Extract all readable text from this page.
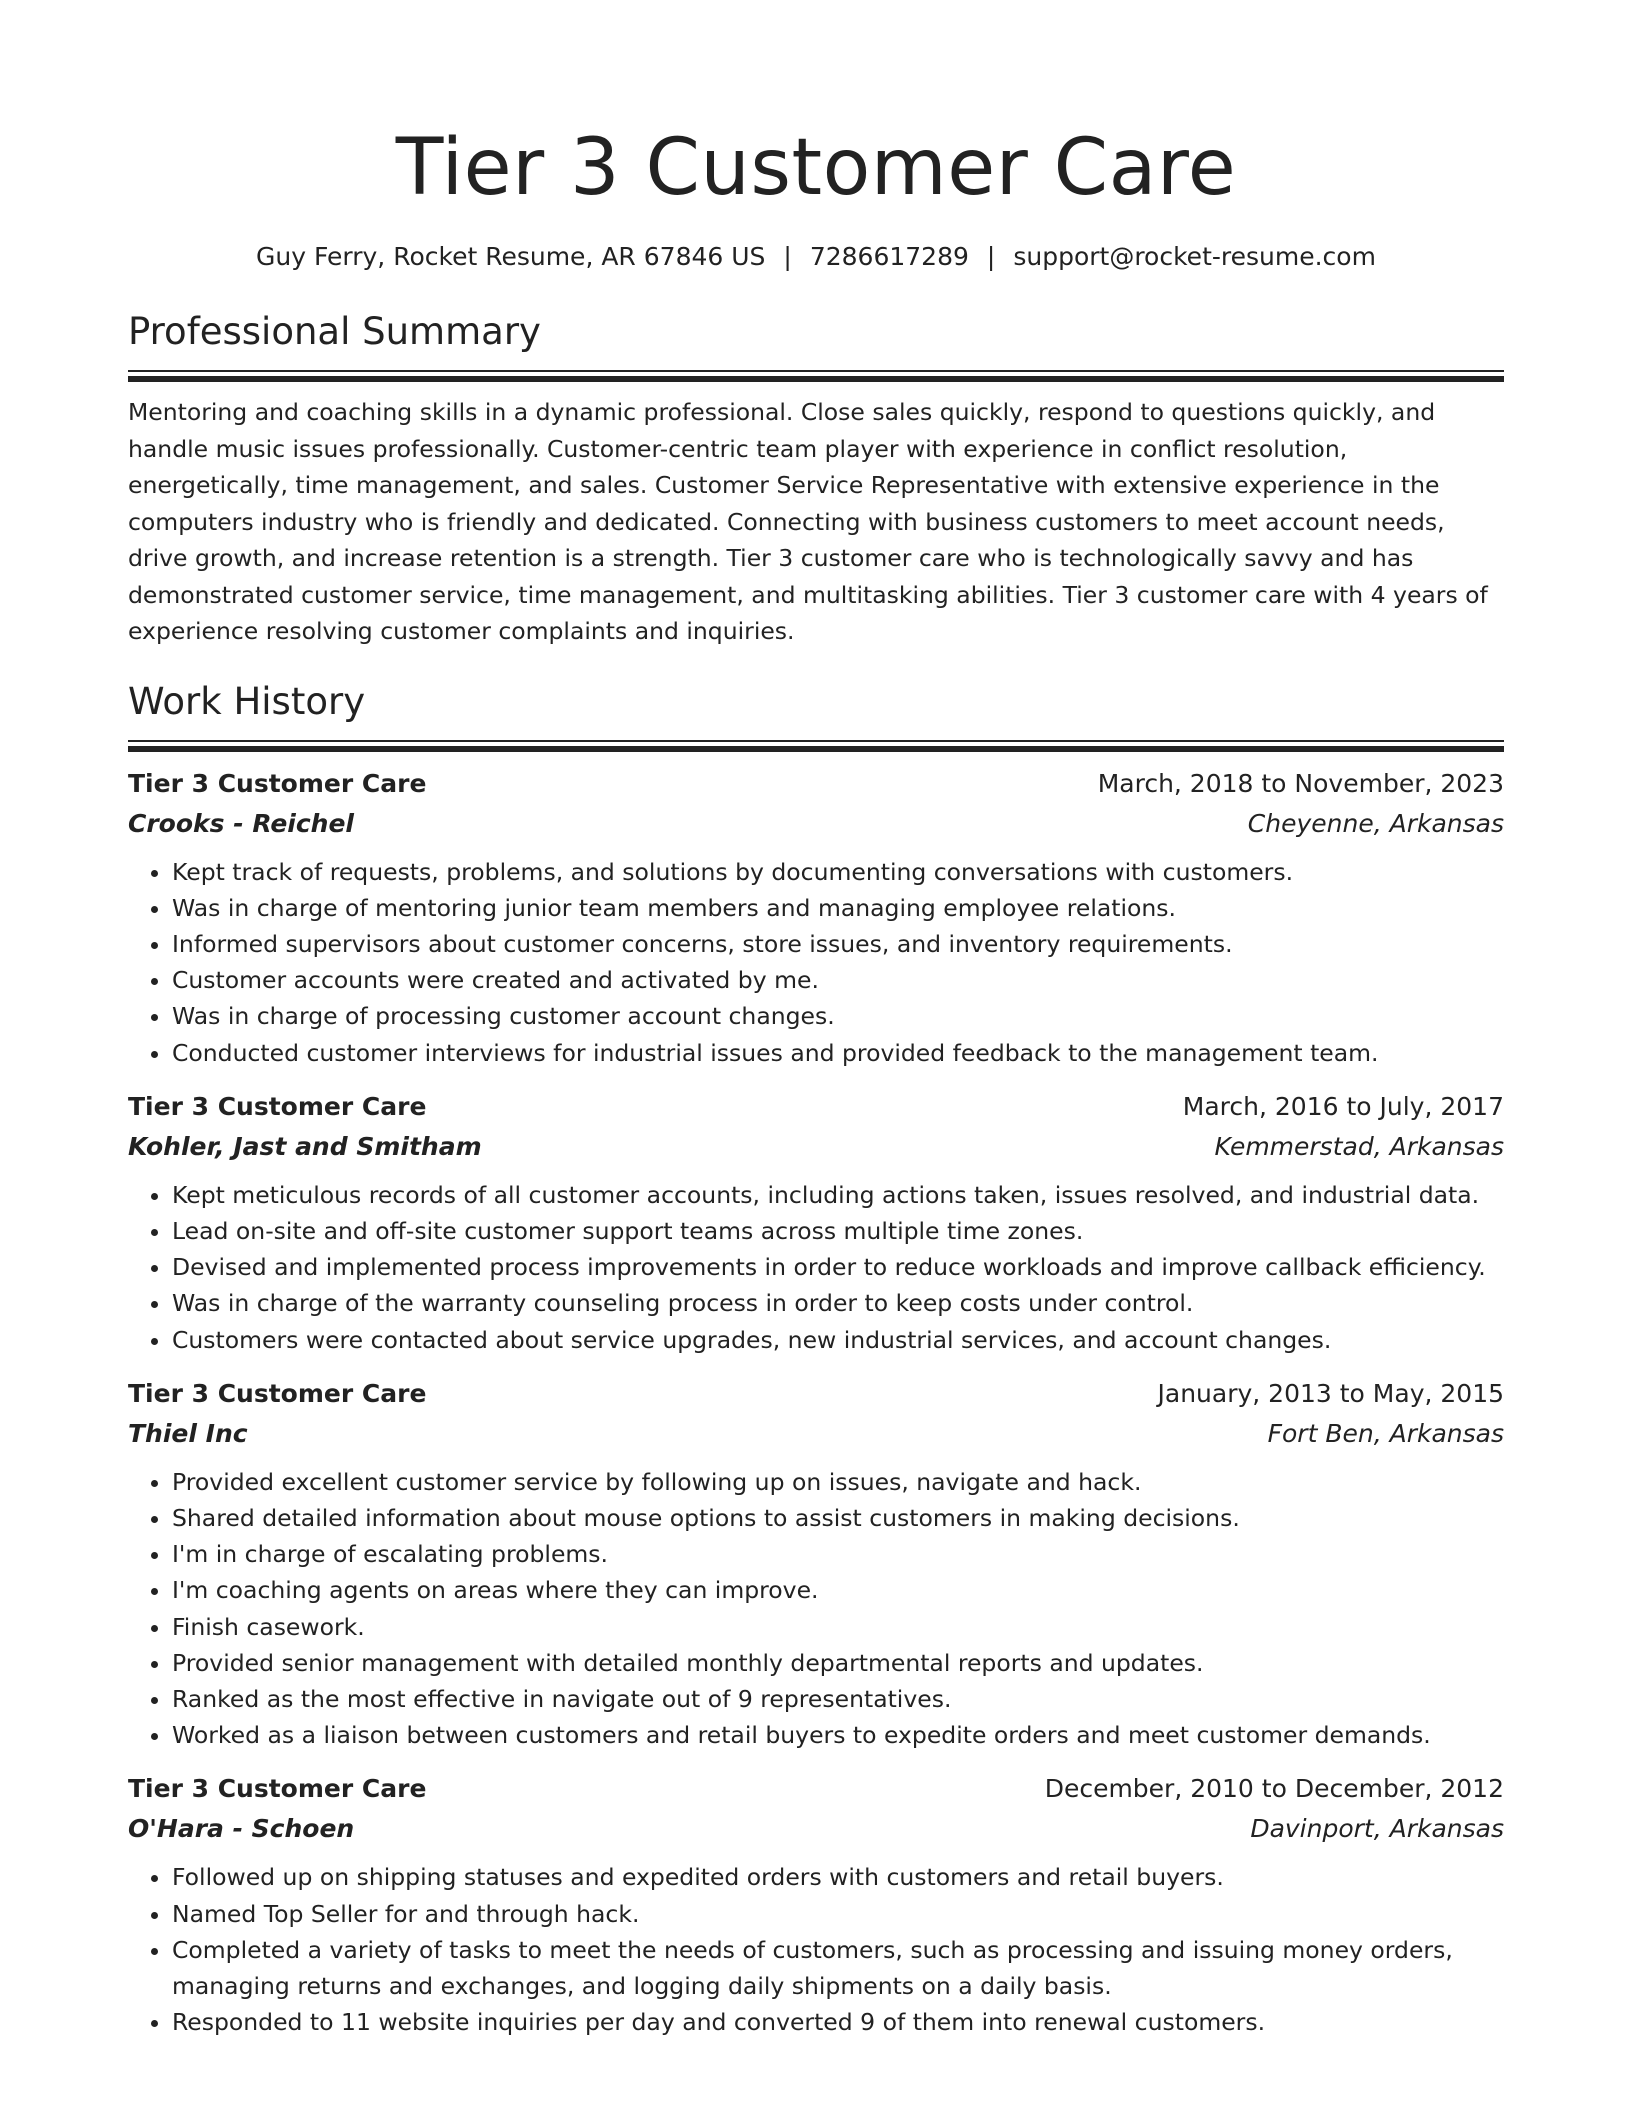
Tier 3 Customer Care
Guy Ferry, Rocket Resume, AR 67846 US | 7286617289 | support@rocket-resume.com
Professional Summary

Mentoring and coaching skills in a dynamic professional. Close sales quickly, respond to questions quickly, and handle music issues professionally. Customer-centric team player with experience in conflict resolution, energetically, time management, and sales. Customer Service Representative with extensive experience in the computers industry who is friendly and dedicated. Connecting with business customers to meet account needs, drive growth, and increase retention is a strength. Tier 3 customer care who is technologically savvy and has demonstrated customer service, time management, and multitasking abilities. Tier 3 customer care with 4 years of experience resolving customer complaints and inquiries.

Work History
Tier 3 Customer Care	March, 2018 to November, 2023
Crooks - Reichel	Cheyenne, Arkansas
• Kept track of requests, problems, and solutions by documenting conversations with customers.
• Was in charge of mentoring junior team members and managing employee relations.
• Informed supervisors about customer concerns, store issues, and inventory requirements.
• Customer accounts were created and activated by me.
• Was in charge of processing customer account changes.
• Conducted customer interviews for industrial issues and provided feedback to the management team.
Tier 3 Customer Care	March, 2016 to July, 2017
Kohler, Jast and Smitham	Kemmerstad, Arkansas
• Kept meticulous records of all customer accounts, including actions taken, issues resolved, and industrial data.
• Lead on-site and off-site customer support teams across multiple time zones.
• Devised and implemented process improvements in order to reduce workloads and improve callback efficiency.
• Was in charge of the warranty counseling process in order to keep costs under control.
• Customers were contacted about service upgrades, new industrial services, and account changes.
Tier 3 Customer Care	January, 2013 to May, 2015
Thiel Inc	Fort Ben, Arkansas
• Provided excellent customer service by following up on issues, navigate and hack.
• Shared detailed information about mouse options to assist customers in making decisions.
• I'm in charge of escalating problems.
• I'm coaching agents on areas where they can improve.
• Finish casework.
• Provided senior management with detailed monthly departmental reports and updates.
• Ranked as the most effective in navigate out of 9 representatives.
• Worked as a liaison between customers and retail buyers to expedite orders and meet customer demands.
Tier 3 Customer Care	December, 2010 to December, 2012
O'Hara - Schoen	Davinport, Arkansas
• Followed up on shipping statuses and expedited orders with customers and retail buyers.
• Named Top Seller for and through hack.
• Completed a variety of tasks to meet the needs of customers, such as processing and issuing money orders, managing returns and exchanges, and logging daily shipments on a daily basis.
• Responded to 11 website inquiries per day and converted 9 of them into renewal customers.
